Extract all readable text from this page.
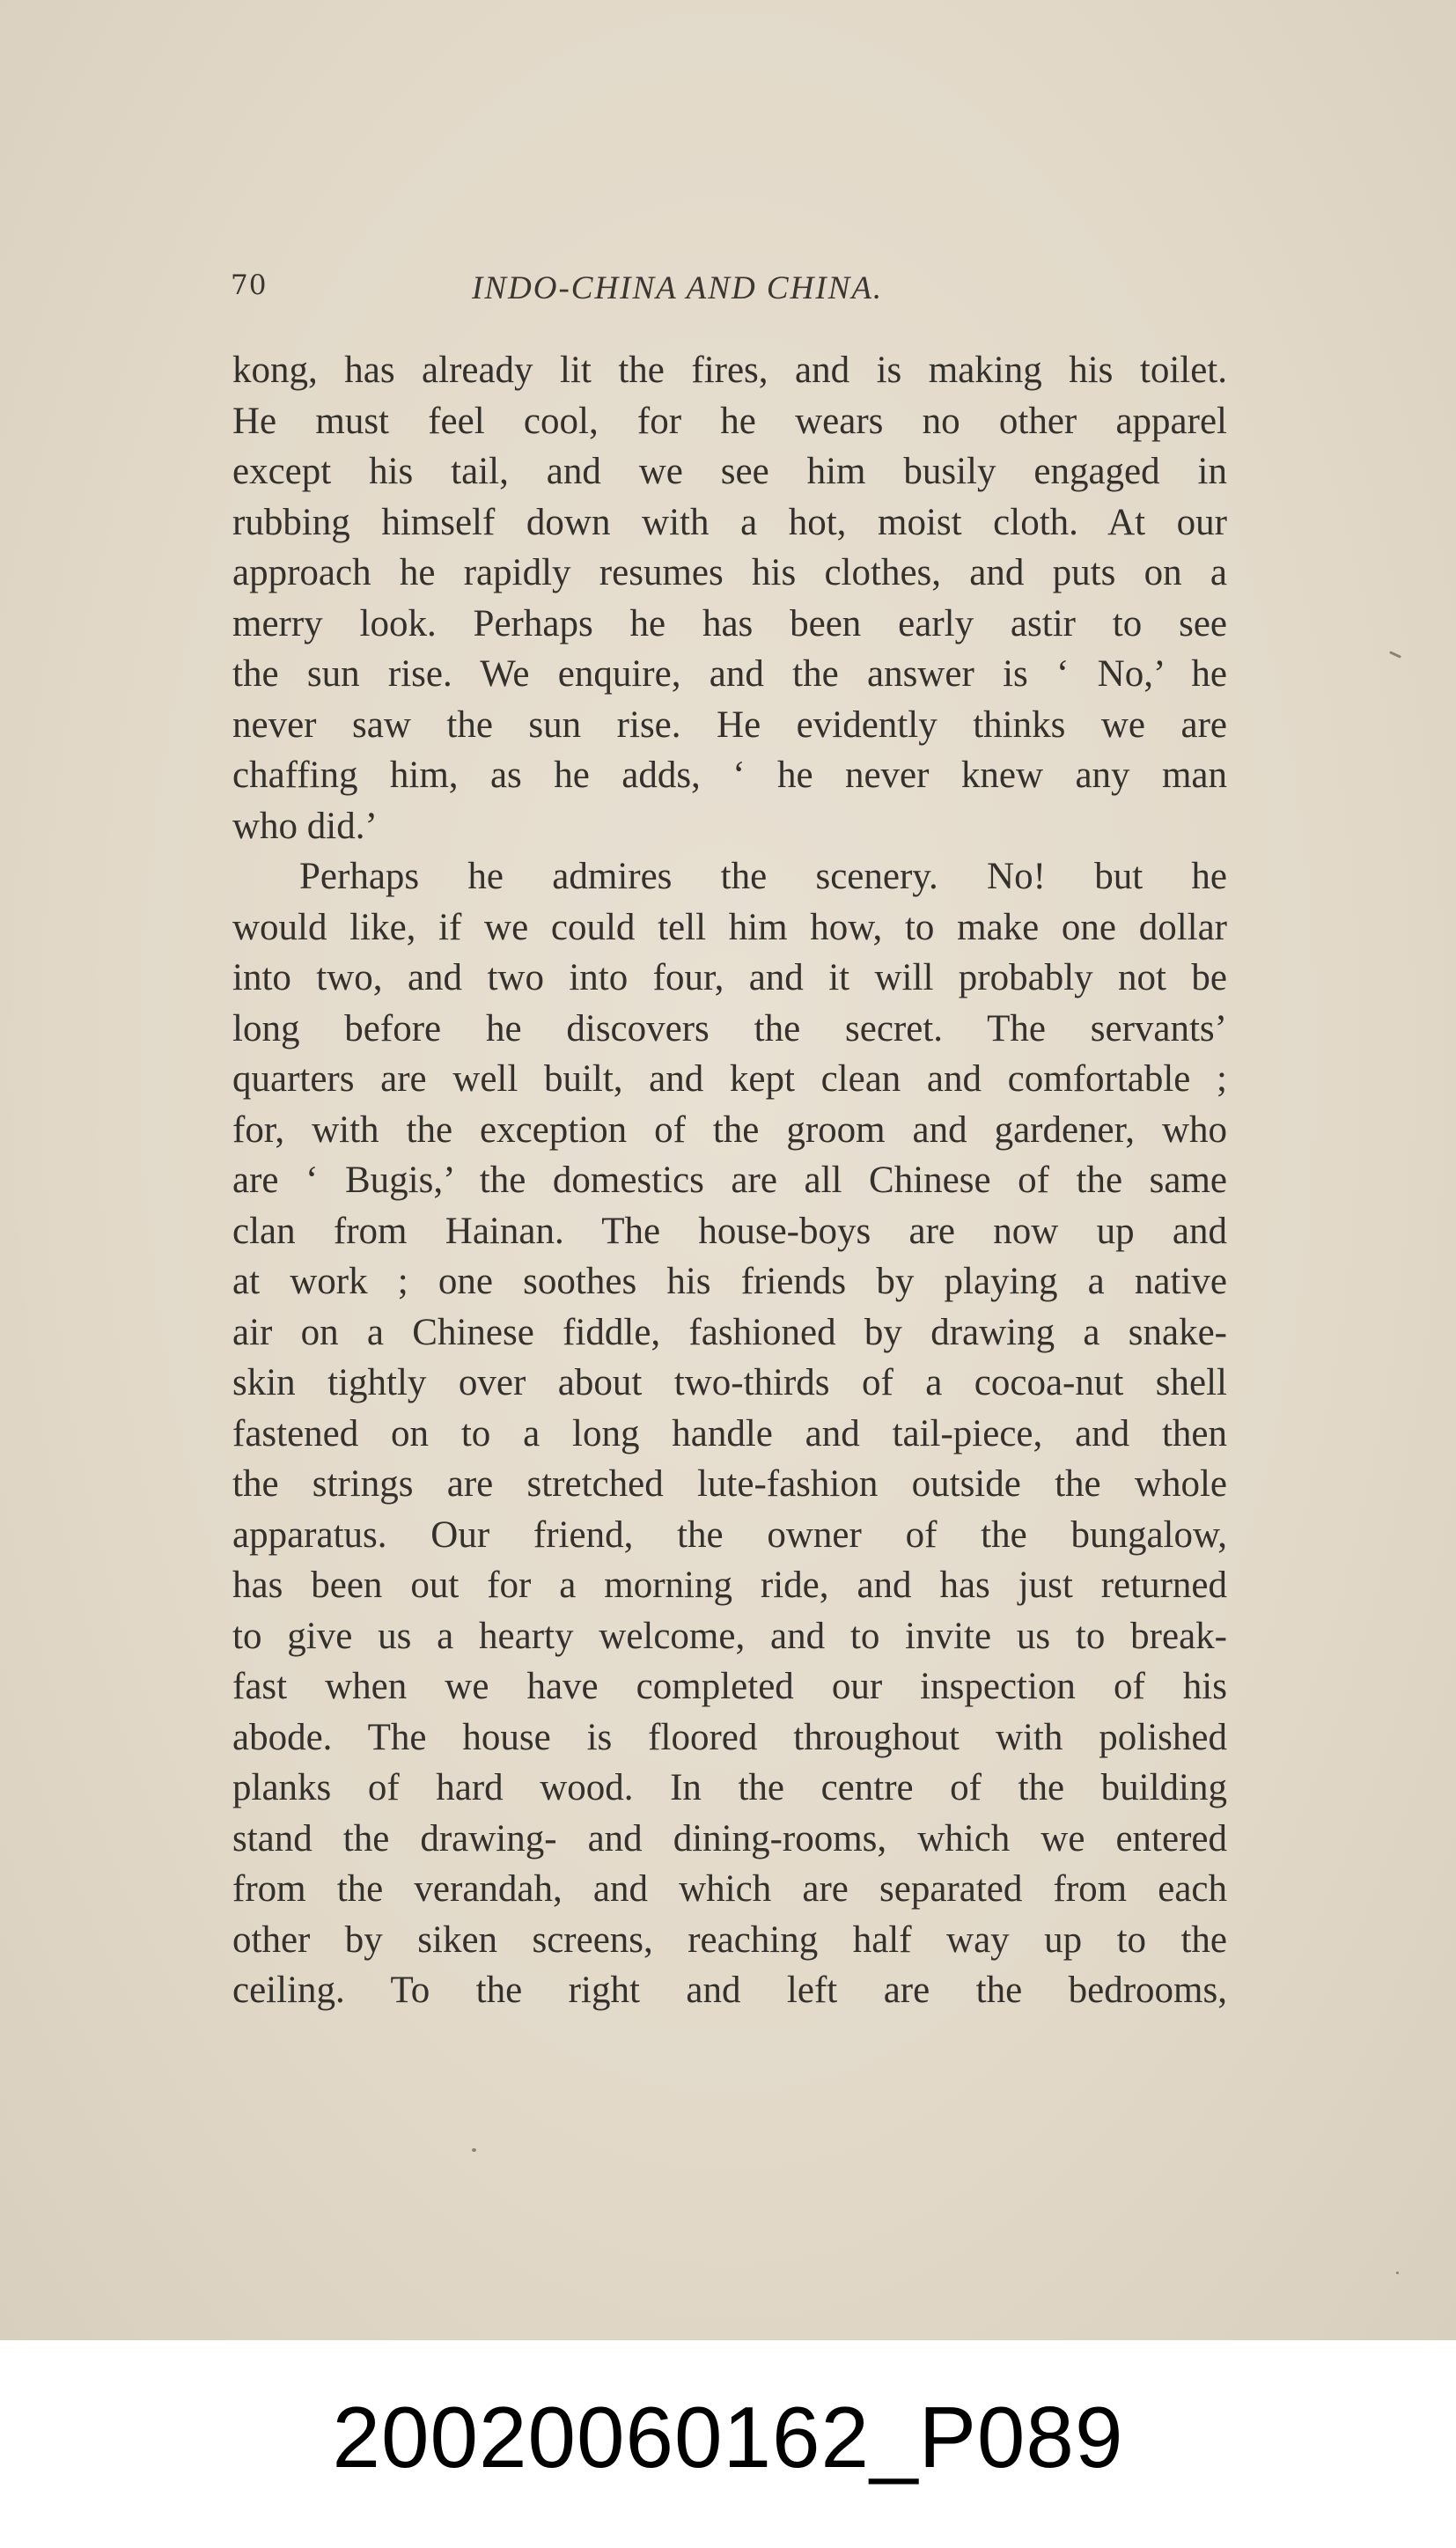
70	INDO-CHINA AND CHINA.
kong, has already lit the fires, and is making his toilet.
He must feel cool, for he wears no other apparel
except his tail, and we see him busily engaged in
rubbing himself down with a hot, moist cloth. At our
approach he rapidly resumes his clothes, and puts on a
merry look. Perhaps he has been early astir to see
the sun rise. We enquire, and the answer is ‘ No,’ he
never saw the sun rise. He evidently thinks we are
chaffing him, as he adds, ‘ he never knew any man
who did.’
Perhaps he admires the scenery. No! but he
would like, if we could tell him how, to make one dollar
into two, and two into four, and it will probably not be
long before he discovers the secret. The servants’
quarters are well built, and kept clean and comfortable ;
for, with the exception of the groom and gardener, who
are ‘ Bugis,’ the domestics are all Chinese of the same
clan from Hainan. The house-boys are now up and
at work ; one soothes his friends by playing a native
air on a Chinese fiddle, fashioned by drawing a snake-
skin tightly over about two-thirds of a cocoa-nut shell
fastened on to a long handle and tail-piece, and then
the strings are stretched lute-fashion outside the whole
apparatus. Our friend, the owner of the bungalow,
has been out for a morning ride, and has just returned
to give us a hearty welcome, and to invite us to break-
fast when we have completed our inspection of his
abode. The house is floored throughout with polished
planks of hard wood. In the centre of the building
stand the drawing- and dining-rooms, which we entered
from the verandah, and which are separated from each
other by siken screens, reaching half way up to the
ceiling. To the right and left are the bedrooms,
20020060162_P089
